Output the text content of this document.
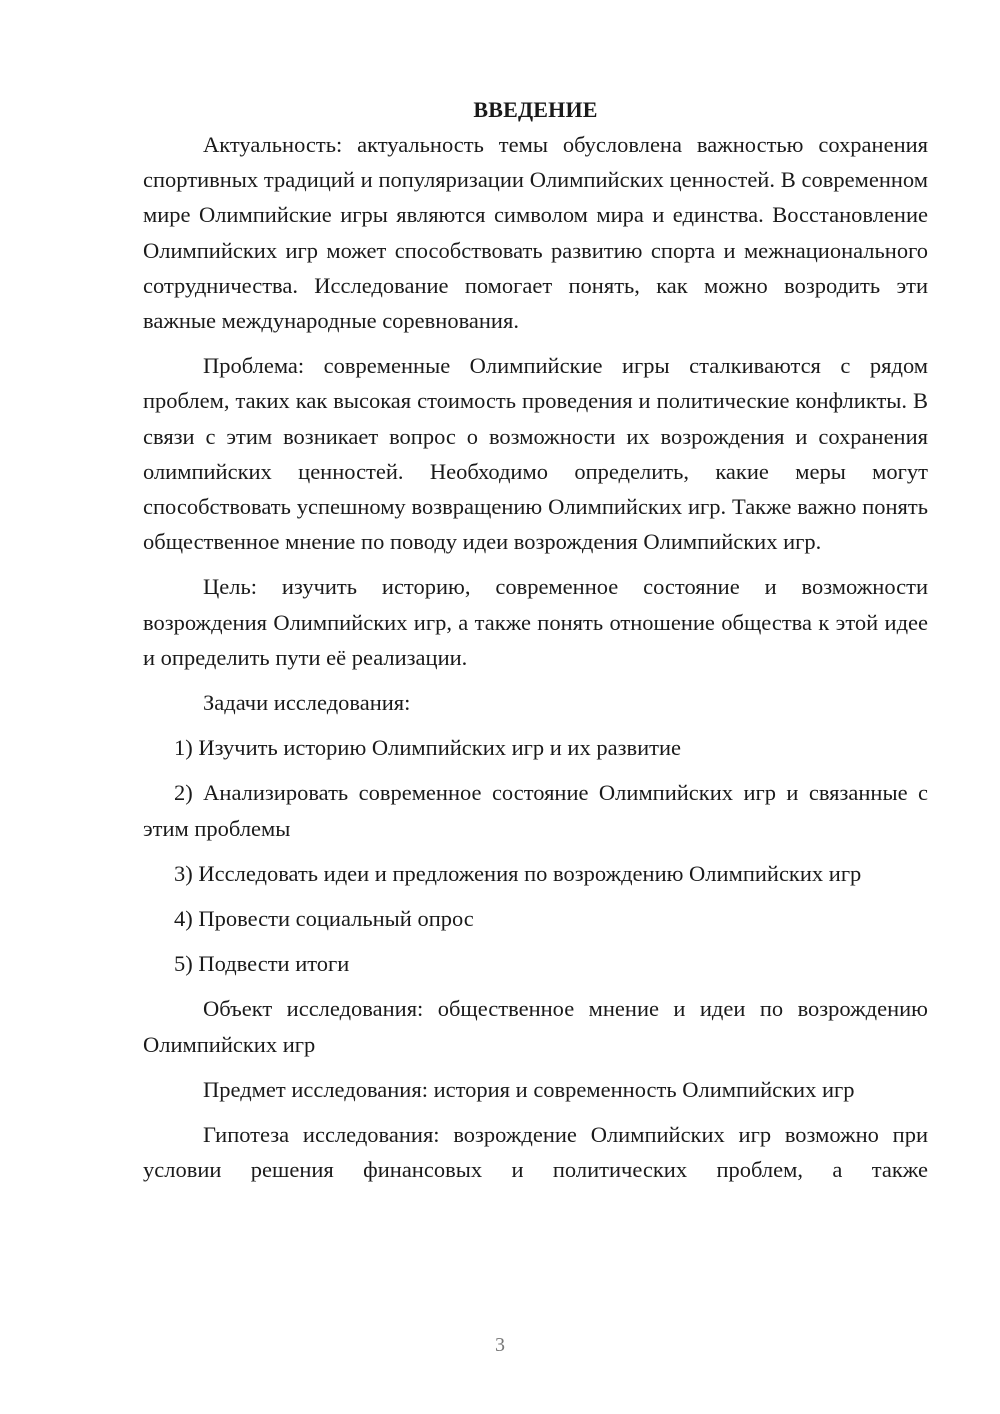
ВВЕДЕНИЕ

Актуальность: актуальность темы обусловлена важностью сохранения спортивных традиций и популяризации Олимпийских ценностей. В современном мире Олимпийские игры являются символом мира и единства. Восстановление Олимпийских игр может способствовать развитию спорта и межнационального сотрудничества. Исследование помогает понять, как можно возродить эти важные международные соревнования.

Проблема: современные Олимпийские игры сталкиваются с рядом проблем, таких как высокая стоимость проведения и политические конфликты. В связи с этим возникает вопрос о возможности их возрождения и сохранения олимпийских ценностей. Необходимо определить, какие меры могут способствовать успешному возвращению Олимпийских игр. Также важно понять общественное мнение по поводу идеи возрождения Олимпийских игр.

Цель: изучить историю, современное состояние и возможности возрождения Олимпийских игр, а также понять отношение общества к этой идее и определить пути её реализации.

Задачи исследования:

1) Изучить историю Олимпийских игр и их развитие

2) Анализировать современное состояние Олимпийских игр и связанные с этим проблемы

3) Исследовать идеи и предложения по возрождению Олимпийских игр

4) Провести социальный опрос

5) Подвести итоги

Объект исследования: общественное мнение и идеи по возрождению Олимпийских игр

Предмет исследования: история и современность Олимпийских игр

Гипотеза исследования: возрождение Олимпийских игр возможно при условии решения финансовых и политических проблем, а также

3
